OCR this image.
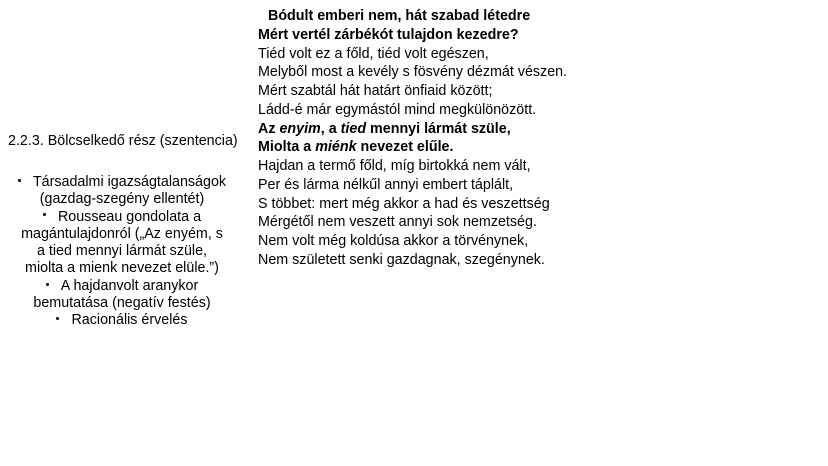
2.2.3. Bölcselkedő rész (szentencia)
Társadalmi igazságtalanságok
(gazdag-szegény ellentét)
Rousseau gondolata a
magántulajdonról („Az enyém, s
a tied mennyi lármát szüle,
miolta a mienk nevezet elüle.”)
A hajdanvolt aranykor
bemutatása (negatív festés)
Racionális érvelés
Bódult emberi nem, hát szabad létedre
Mért vertél zárbékót tulajdon kezedre?
Tiéd volt ez a főld, tiéd volt egészen,
Melyből most a kevély s fösvény dézmát vészen.
Mért szabtál hát határt önfiaid között;
Ládd-é már egymástól mind megkülönözött.
Az enyim, a tied mennyi lármát szüle,
Miolta a miénk nevezet elűle.
Hajdan a termő főld, míg birtokká nem vált,
Per és lárma nélkűl annyi embert táplált,
S többet: mert még akkor a had és veszettség
Mérgétől nem veszett annyi sok nemzetség.
Nem volt még koldúsa akkor a törvénynek,
Nem született senki gazdagnak, szegénynek.
